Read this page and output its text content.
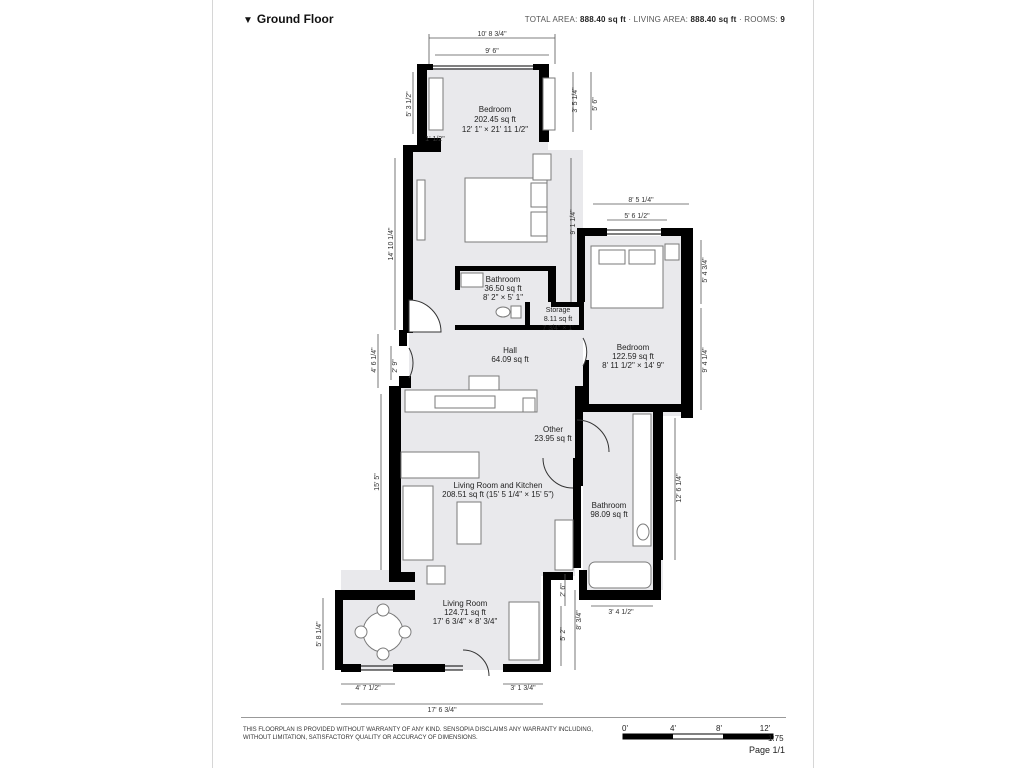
▼ Ground Floor	TOTAL AREA: 888.40 sq ft · LIVING AREA: 888.40 sq ft · ROOMS: 9
10' 8 3/4"
9' 6"
5' 3 1/2"	3' 5 1/4" 5' 6"
1' 1/2"
14' 10 1/4"
9' 1 1/4"
8' 5 1/4"
5' 6 1/2"
5' 4 3/4"
9' 4 1/4"
4' 6 1/4" 2' 9"
15' 5"	12' 6 1/4"
3' 4 1/2"
2' 6"
5' 2"
8' 3/4"
5' 8 1/4"
4' 7 1/2"	3' 1 3/4"
17' 6 3/4"
Bedroom
202.45 sq ft
12' 1" × 21' 11 1/2"
Bathroom
36.50 sq ft
8' 2" × 5' 1"
Storage
8.11 sq ft
7 3/4" × 1'
Hall
64.09 sq ft
Bedroom
122.59 sq ft
8' 11 1/2" × 14' 9"
Other
23.95 sq ft
Living Room and Kitchen
208.51 sq ft (15' 5 1/4" × 15' 5")
Bathroom
98.09 sq ft
Living Room
124.71 sq ft
17' 6 3/4" × 8' 3/4"
0'	4'	8'	12'
THIS FLOORPLAN IS PROVIDED WITHOUT WARRANTY OF ANY KIND. SENSOPIA DISCLAIMS ANY WARRANTY INCLUDING, WITHOUT LIMITATION, SATISFACTORY QUALITY OR ACCURACY OF DIMENSIONS.	1:75
Page 1/1
